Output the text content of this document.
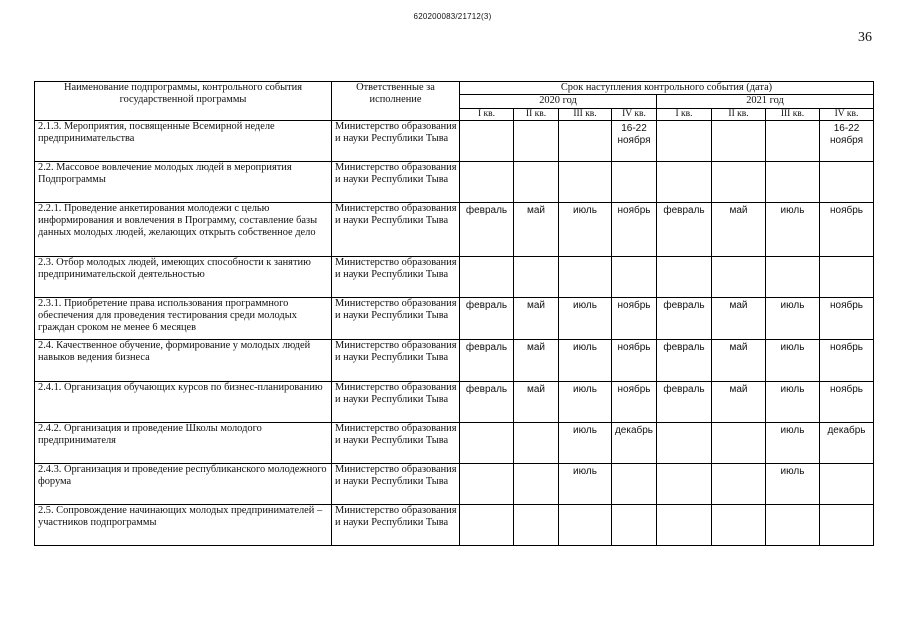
620200083/21712(3)
36
Наименование подпрограммы, контрольного события государственной программы	Ответственные за исполнение	Срок наступления контрольного события (дата)							
		2020 год				2021 год			
		I кв.	II кв.	III кв.	IV кв.	I кв.	II кв.	III кв.	IV кв.
2.1.3. Мероприятия, посвященные Всемирной неделе предпринимательства	Министерство образования и науки Республики Тыва				16-22 ноября				16-22 ноября
2.2. Массовое вовлечение молодых людей в мероприятия Подпрограммы	Министерство образования и науки Республики Тыва								
2.2.1. Проведение анкетирования молодежи с целью информирования и вовлечения в Программу, составление базы данных молодых людей, желающих открыть собственное дело	Министерство образования и науки Республики Тыва	февраль	май	июль	ноябрь	февраль	май	июль	ноябрь
2.3. Отбор молодых людей, имеющих способности к занятию предпринимательской деятельностью	Министерство образования и науки Республики Тыва								
2.3.1. Приобретение права использования программного обеспечения для проведения тестирования среди молодых граждан сроком не менее 6 месяцев	Министерство образования и науки Республики Тыва	февраль	май	июль	ноябрь	февраль	май	июль	ноябрь
2.4. Качественное обучение, формирование у молодых людей навыков ведения бизнеса	Министерство образования и науки Республики Тыва	февраль	май	июль	ноябрь	февраль	май	июль	ноябрь
2.4.1. Организация обучающих курсов по бизнес-планированию	Министерство образования и науки Республики Тыва	февраль	май	июль	ноябрь	февраль	май	июль	ноябрь
2.4.2. Организация и проведение Школы молодого предпринимателя	Министерство образования и науки Республики Тыва			июль	декабрь			июль	декабрь
2.4.3. Организация и проведение республиканского молодежного форума	Министерство образования и науки Республики Тыва			июль				июль	
2.5. Сопровождение начинающих молодых предпринимателей – участников подпрограммы	Министерство образования и науки Республики Тыва								
